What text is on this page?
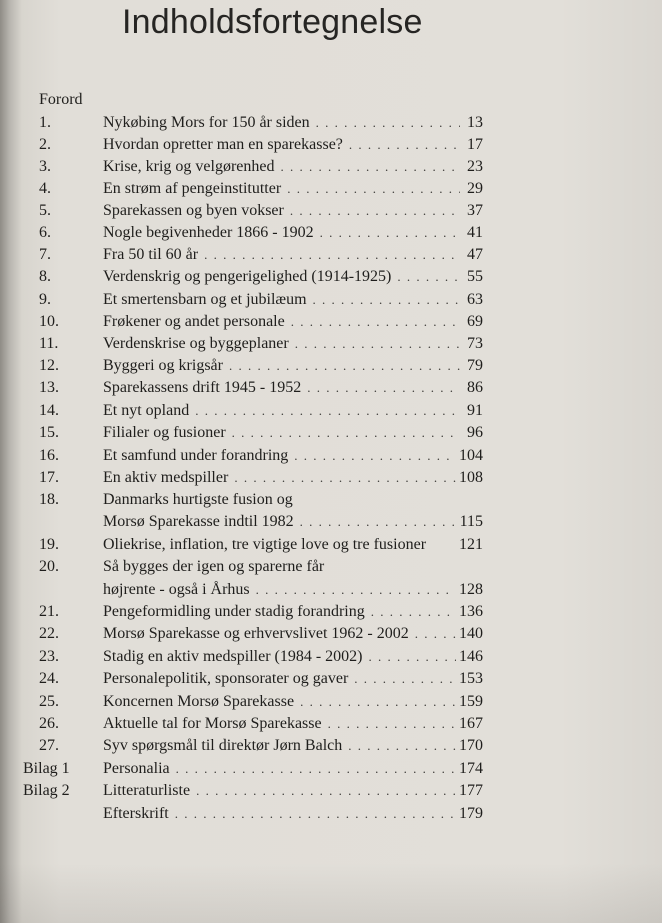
Indholdsfortegnelse
Forord
1.	Nykøbing Mors for 150 år siden . . .	13
2.	Hvordan opretter man en sparekasse? . . .	17
3.	Krise, krig og velgørenhed . . .	23
4.	En strøm af pengeinstitutter . . .	29
5.	Sparekassen og byen vokser . . .	37
6.	Nogle begivenheder 1866 - 1902 . . .	41
7.	Fra 50 til 60 år . . .	47
8.	Verdenskrig og pengerigelighed (1914-1925) . . .	55
9.	Et smertensbarn og et jubilæum . . .	63
10.	Frøkener og andet personale . . .	69
11.	Verdenskrise og byggeplaner . . .	73
12.	Byggeri og krigsår . . .	79
13.	Sparekassens drift 1945 - 1952 . . .	86
14.	Et nyt opland . . .	91
15.	Filialer og fusioner . . .	96
16.	Et samfund under forandring . . .	104
17.	En aktiv medspiller . . .	108
18.	Danmarks hurtigste fusion og
Morsø Sparekasse indtil 1982 . . .	115
19.	Oliekrise, inflation, tre vigtige love og tre fusioner 121
20.	Så bygges der igen og sparerne får
højrente - også i Århus . . .	128
21.	Pengeformidling under stadig forandring . . .	136
22.	Morsø Sparekasse og erhvervslivet 1962 - 2002 . . .	140
23.	Stadig en aktiv medspiller (1984 - 2002) . . .	146
24.	Personalepolitik, sponsorater og gaver . . .	153
25.	Koncernen Morsø Sparekasse . . .	159
26.	Aktuelle tal for Morsø Sparekasse . . .	167
27.	Syv spørgsmål til direktør Jørn Balch . . .	170
Bilag 1 Personalia . . .	174
Bilag 2 Litteraturliste . . .	177
Efterskrift . . .	179
